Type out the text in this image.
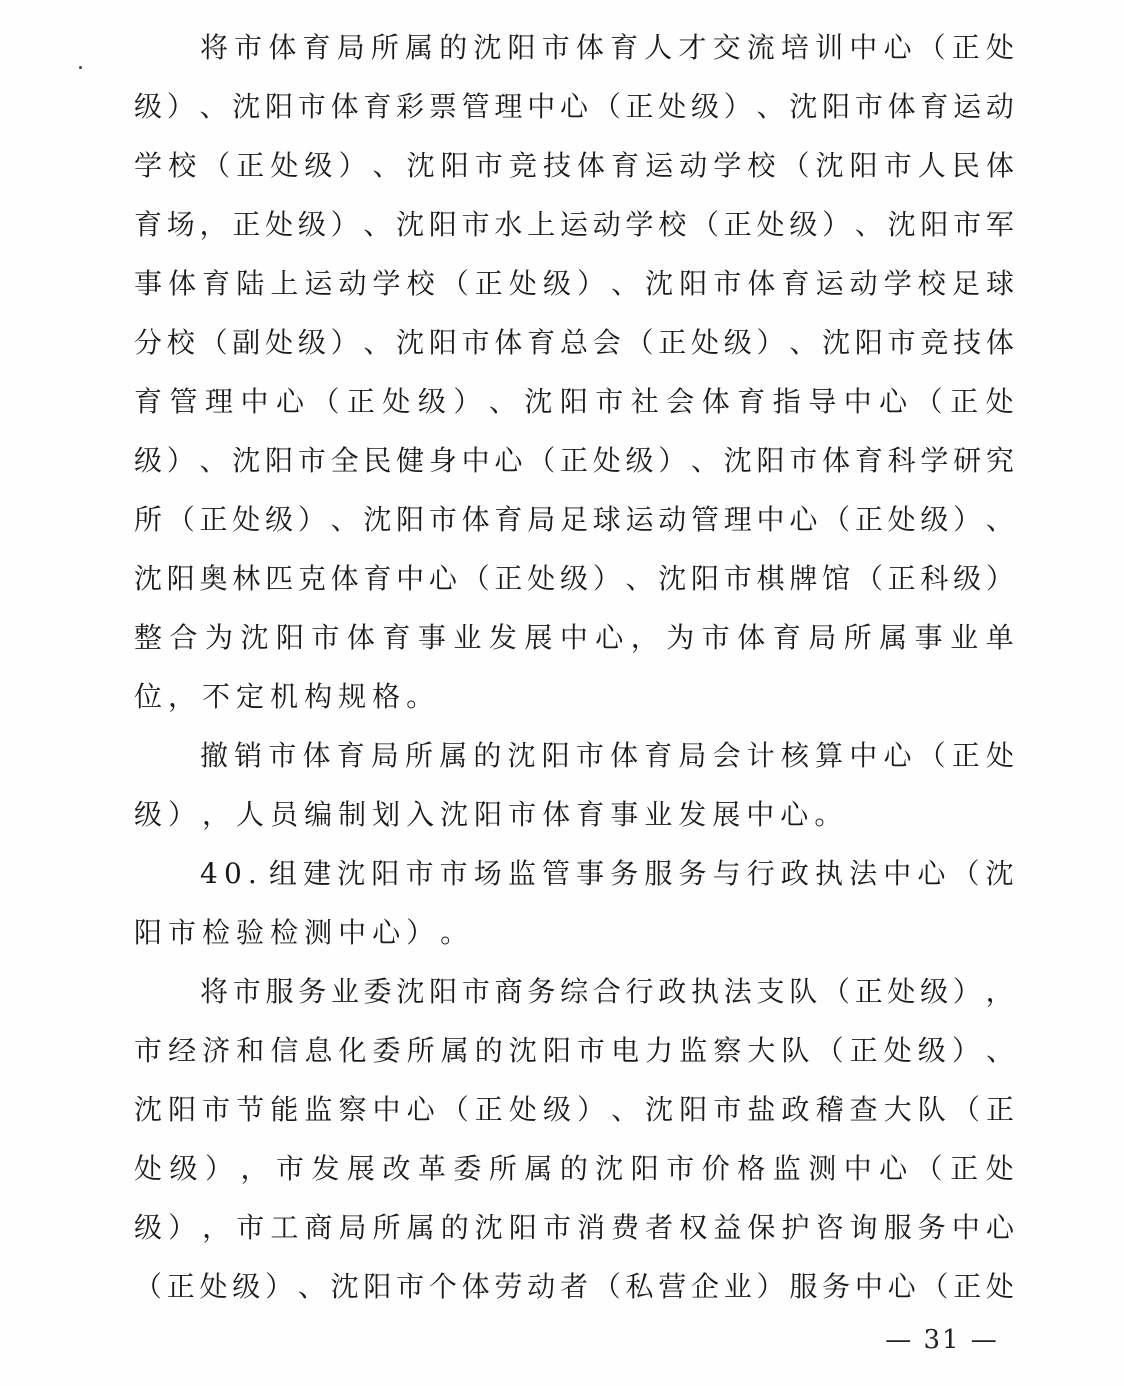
将 市 体 育 局 所 属 的 沈 阳 市 体 育 人 才 交 流 培 训 中 心 （ 正 处
级 ） 、 沈 阳 市 体 育 彩 票 管 理 中 心 （ 正 处 级 ） 、 沈 阳 市 体 育 运 动
学 校 （ 正 处 级 ） 、 沈 阳 市 竞 技 体 育 运 动 学 校 （ 沈 阳 市 人 民 体
育 场 ， 正 处 级 ） 、 沈 阳 市 水 上 运 动 学 校 （ 正 处 级 ） 、 沈 阳 市 军
事 体 育 陆 上 运 动 学 校 （ 正 处 级 ） 、 沈 阳 市 体 育 运 动 学 校 足 球
分 校 （ 副 处 级 ） 、 沈 阳 市 体 育 总 会 （ 正 处 级 ） 、 沈 阳 市 竞 技 体
育 管 理 中 心 （ 正 处 级 ） 、 沈 阳 市 社 会 体 育 指 导 中 心 （ 正 处
级 ） 、 沈 阳 市 全 民 健 身 中 心 （ 正 处 级 ） 、 沈 阳 市 体 育 科 学 研 究
所 （ 正 处 级 ） 、 沈 阳 市 体 育 局 足 球 运 动 管 理 中 心 （ 正 处 级 ） 、
沈 阳 奥 林 匹 克 体 育 中 心 （ 正 处 级 ） 、 沈 阳 市 棋 牌 馆 （ 正 科 级 ）
整 合 为 沈 阳 市 体 育 事 业 发 展 中 心 ， 为 市 体 育 局 所 属 事 业 单
位 ， 不 定 机 构 规 格 。
撤 销 市 体 育 局 所 属 的 沈 阳 市 体 育 局 会 计 核 算 中 心 （ 正 处
级 ） ， 人 员 编 制 划 入 沈 阳 市 体 育 事 业 发 展 中 心 。
4 0 . 组 建 沈 阳 市 市 场 监 管 事 务 服 务 与 行 政 执 法 中 心 （ 沈
阳 市 检 验 检 测 中 心 ） 。
将 市 服 务 业 委 沈 阳 市 商 务 综 合 行 政 执 法 支 队 （ 正 处 级 ） ，
市 经 济 和 信 息 化 委 所 属 的 沈 阳 市 电 力 监 察 大 队 （ 正 处 级 ） 、
沈 阳 市 节 能 监 察 中 心 （ 正 处 级 ） 、 沈 阳 市 盐 政 稽 查 大 队 （ 正
处 级 ） ， 市 发 展 改 革 委 所 属 的 沈 阳 市 价 格 监 测 中 心 （ 正 处
级 ） ， 市 工 商 局 所 属 的 沈 阳 市 消 费 者 权 益 保 护 咨 询 服 务 中 心
（ 正 处 级 ） 、 沈 阳 市 个 体 劳 动 者 （ 私 营 企 业 ） 服 务 中 心 （ 正 处
— 31 —
